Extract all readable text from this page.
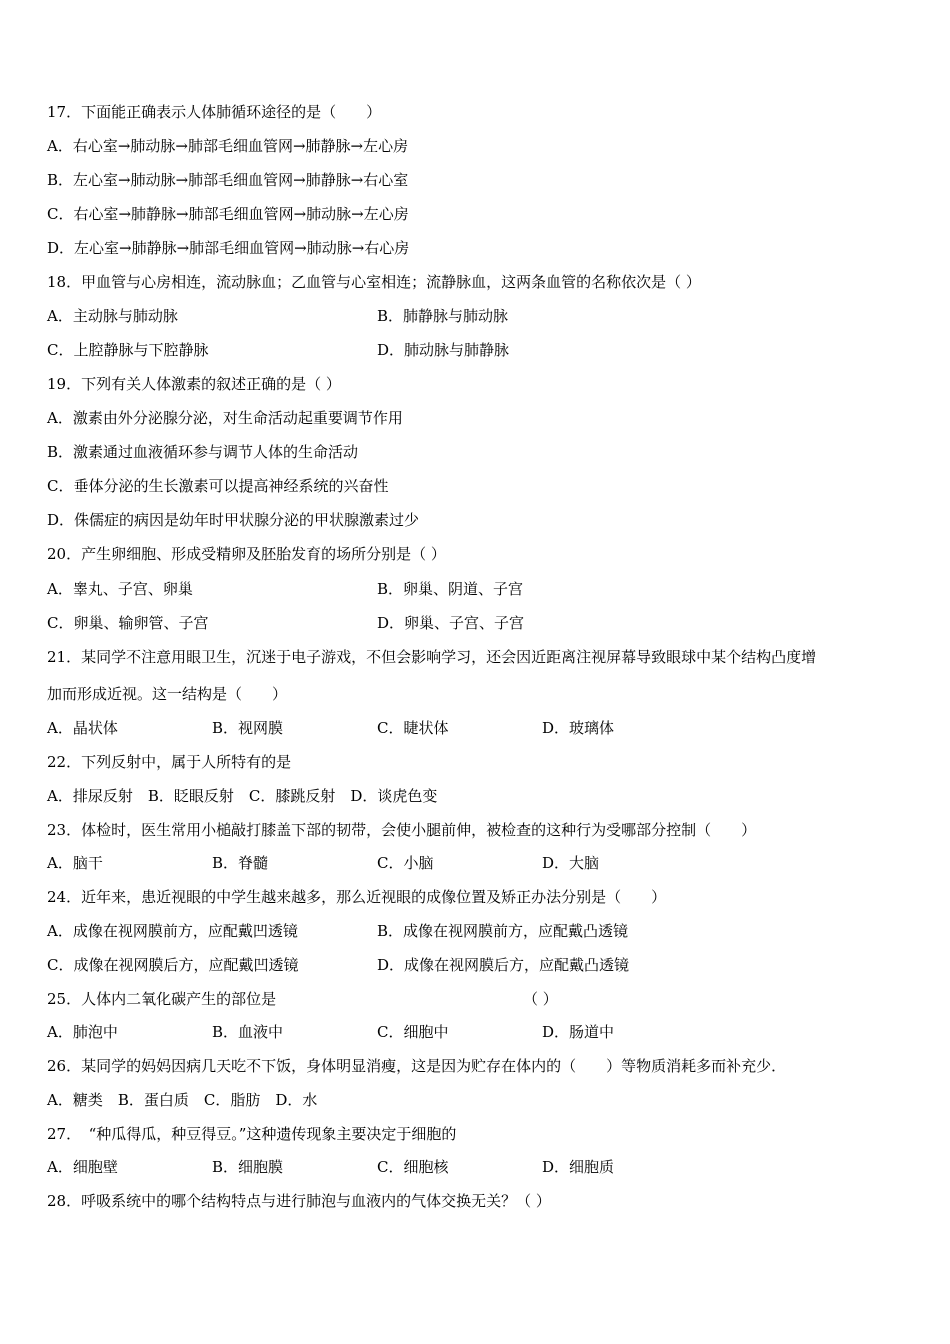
17．下面能正确表示人体肺循环途径的是（　　）
A．右心室→肺动脉→肺部毛细血管网→肺静脉→左心房
B．左心室→肺动脉→肺部毛细血管网→肺静脉→右心室
C．右心室→肺静脉→肺部毛细血管网→肺动脉→左心房
D．左心室→肺静脉→肺部毛细血管网→肺动脉→右心房
18．甲血管与心房相连，流动脉血；乙血管与心室相连；流静脉血，这两条血管的名称依次是（ ）
A．主动脉与肺动脉	B．肺静脉与肺动脉
C．上腔静脉与下腔静脉	D．肺动脉与肺静脉
19．下列有关人体激素的叙述正确的是（ ）
A．激素由外分泌腺分泌，对生命活动起重要调节作用
B．激素通过血液循环参与调节人体的生命活动
C．垂体分泌的生长激素可以提高神经系统的兴奋性
D．侏儒症的病因是幼年时甲状腺分泌的甲状腺激素过少
20．产生卵细胞、形成受精卵及胚胎发育的场所分别是（ ）
A．睾丸、子宫、卵巢	B．卵巢、阴道、子宫
C．卵巢、输卵管、子宫	D．卵巢、子宫、子宫
21．某同学不注意用眼卫生，沉迷于电子游戏，不但会影响学习，还会因近距离注视屏幕导致眼球中某个结构凸度增
加而形成近视。这一结构是（　　）
A．晶状体	B．视网膜	C．睫状体	D．玻璃体
22．下列反射中，属于人所特有的是
A．排尿反射　B．眨眼反射　C．膝跳反射　D．谈虎色变
23．体检时，医生常用小槌敲打膝盖下部的韧带，会使小腿前伸，被检查的这种行为受哪部分控制（　　）
A．脑干	B．脊髓	C．小脑	D．大脑
24．近年来，患近视眼的中学生越来越多，那么近视眼的成像位置及矫正办法分别是（　　）
A．成像在视网膜前方，应配戴凹透镜	B．成像在视网膜前方，应配戴凸透镜
C．成像在视网膜后方，应配戴凹透镜	D．成像在视网膜后方，应配戴凸透镜
25．人体内二氧化碳产生的部位是	（ ）
A．肺泡中	B．血液中	C．细胞中	D．肠道中
26．某同学的妈妈因病几天吃不下饭，身体明显消瘦，这是因为贮存在体内的（　　）等物质消耗多而补充少．
A．糖类　B．蛋白质　C．脂肪　D．水
27．　“种瓜得瓜，种豆得豆。”这种遗传现象主要决定于细胞的
A．细胞壁	B．细胞膜	C．细胞核	D．细胞质
28．呼吸系统中的哪个结构特点与进行肺泡与血液内的气体交换无关？（ ）
